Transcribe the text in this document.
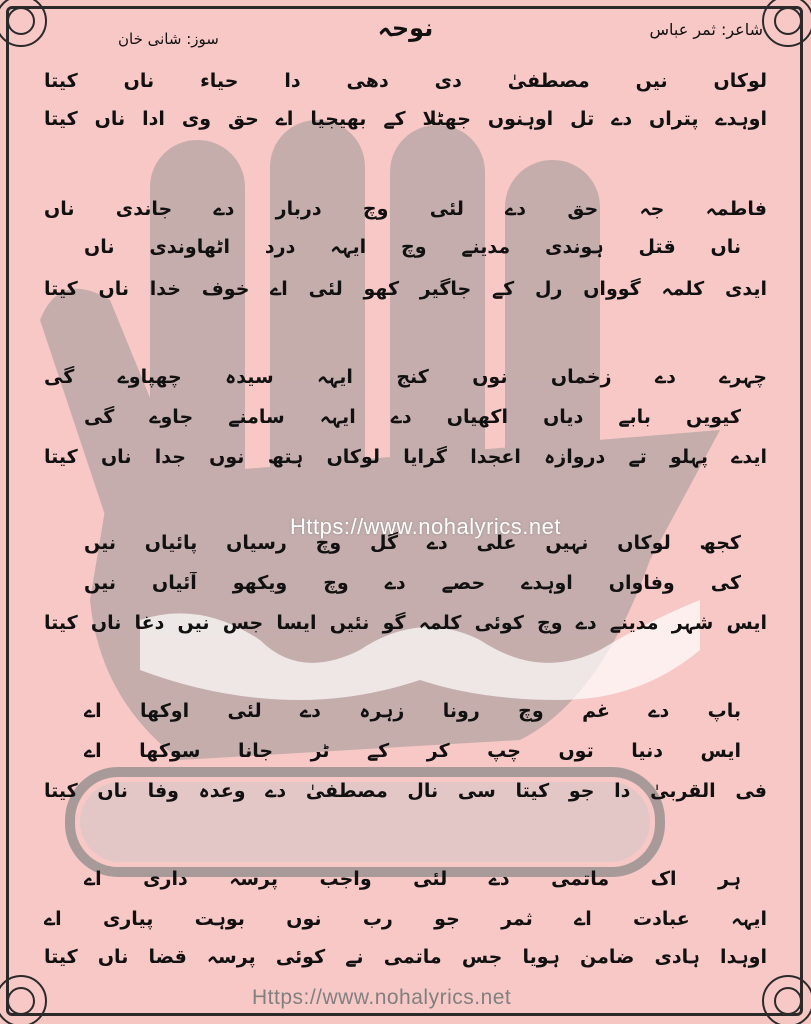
نوحہ	شاعر: ثمر عباس
سوز: شانی خان
لوکاں نیں مصطفیٰ دی دھی دا حیاء ناں کیتا
اوہدے پتراں دے تل اوہنوں جھٹلا کے بھیجیا اے حق وی ادا ناں کیتا
فاطمہ جہ حق دے لئی وچ دربار دے جاندی ناں
ناں قتل ہوندی مدینے وچ ایہہ درد اٹھاوندی ناں
ایدی کلمہ گوواں رل کے جاگیر کھو لئی اے خوف خدا ناں کیتا
چہرے دے زخماں نوں کنج ایہہ سیدہ چھپاوے گی
کیویں بابے دیاں اکھیاں دے ایہہ سامنے جاوے گی
ایدے پہلو تے دروازہ اعجدا گرایا لوکاں ہتھ نوں جدا ناں کیتا
کجھ لوکاں نہیں علی دے گل وچ رسیاں پائیاں نیں
کی وفاواں اوہدے حصے دے وچ ویکھو آئیاں نیں
ایس شہر مدینے دے وچ کوئی کلمہ گو نئیں ایسا جس نیں دغا ناں کیتا
باپ دے غم وچ رونا زہرہ دے لئی اوکھا اے
ایس دنیا توں چپ کر کے ٹر جانا سوکھا اے
فی القربیٰ دا جو کیتا سی نال مصطفیٰ دے وعدہ وفا ناں کیتا
ہر اک ماتمی دے لئی واجب پرسہ داری اے
ایہہ عبادت اے ثمر جو رب نوں بوہت پیاری اے
اوہدا ہادی ضامن ہویا جس ماتمی نے کوئی پرسہ قضا ناں کیتا
Https://www.nohalyrics.net
Https://www.nohalyrics.net
